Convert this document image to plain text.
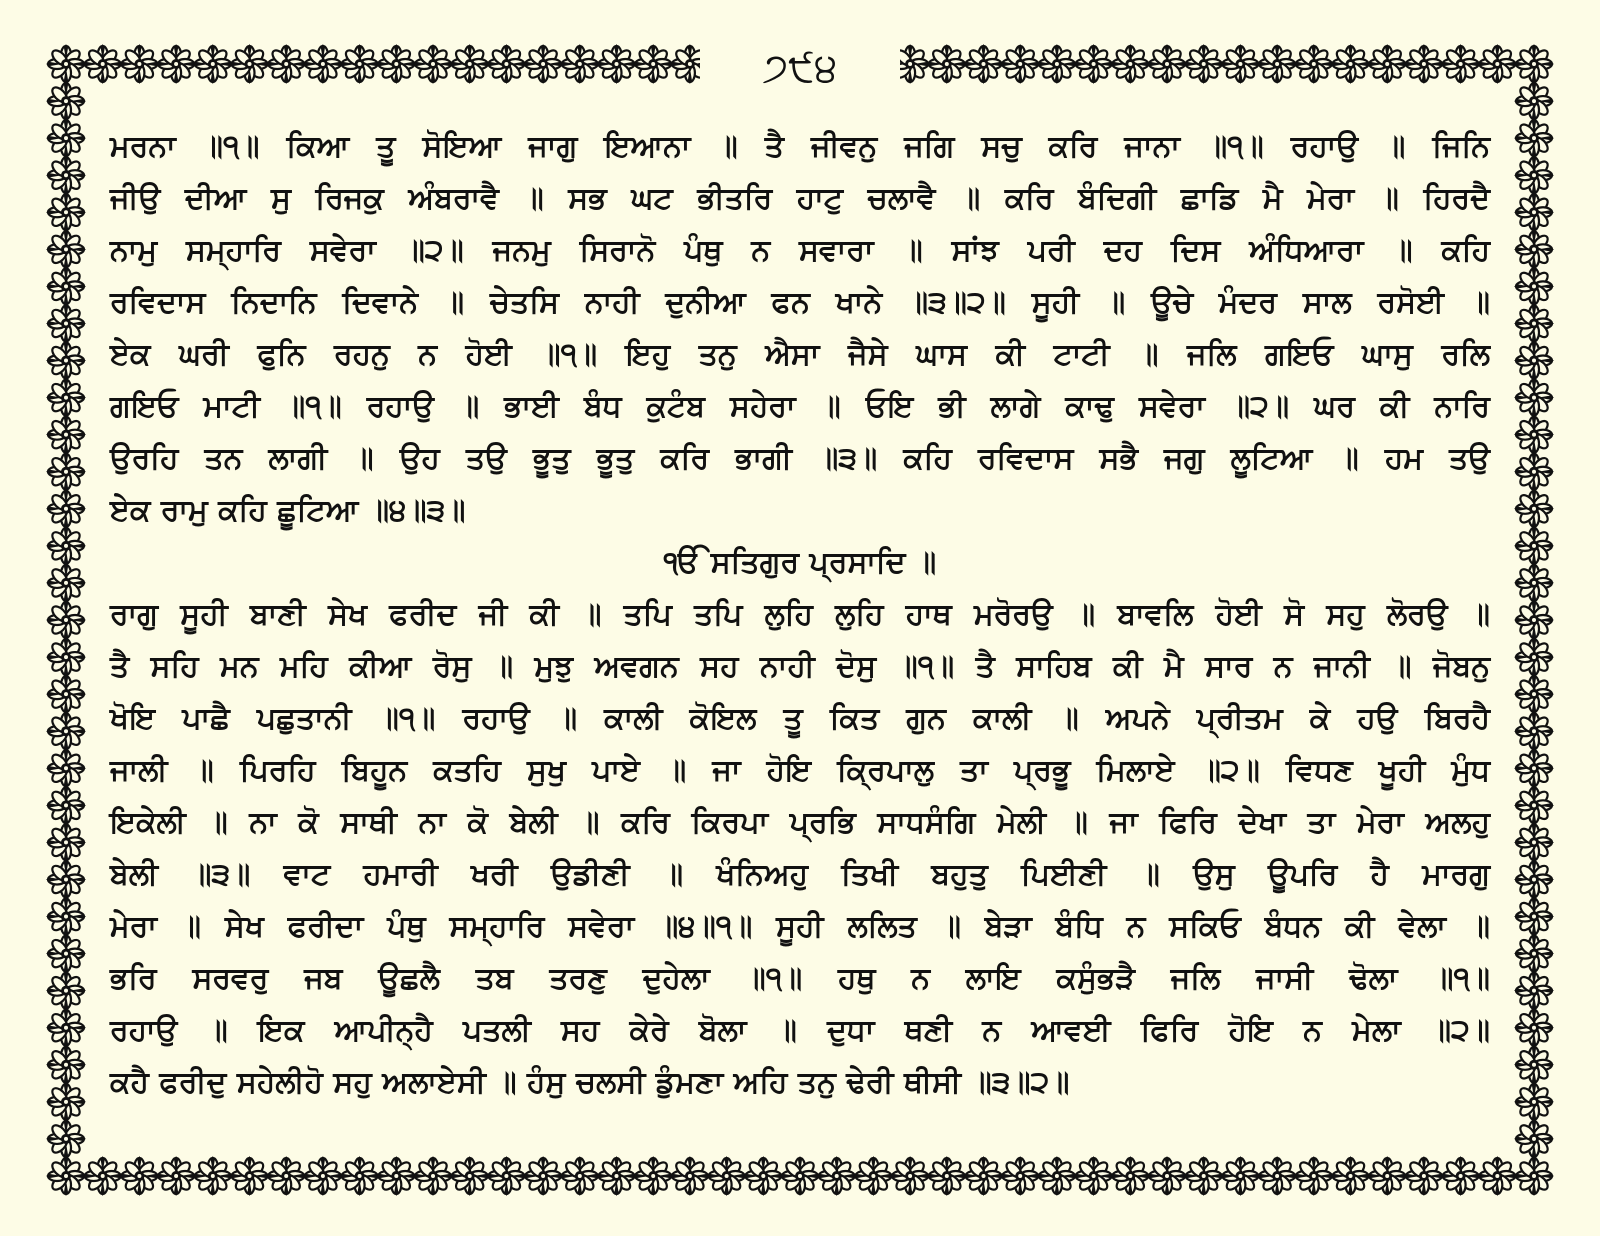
੭੯੪
ਮਰਨਾ ॥੧॥ ਕਿਆ ਤੂ ਸੋਇਆ ਜਾਗੁ ਇਆਨਾ ॥ ਤੈ ਜੀਵਨੁ ਜਗਿ ਸਚੁ ਕਰਿ ਜਾਨਾ ॥੧॥ ਰਹਾਉ ॥ ਜਿਨਿ
ਜੀਉ ਦੀਆ ਸੁ ਰਿਜਕੁ ਅੰਬਰਾਵੈ ॥ ਸਭ ਘਟ ਭੀਤਰਿ ਹਾਟੁ ਚਲਾਵੈ ॥ ਕਰਿ ਬੰਦਿਗੀ ਛਾਡਿ ਮੈ ਮੇਰਾ ॥ ਹਿਰਦੈ
ਨਾਮੁ ਸਮ੍ਹਾਰਿ ਸਵੇਰਾ ॥੨॥ ਜਨਮੁ ਸਿਰਾਨੋ ਪੰਥੁ ਨ ਸਵਾਰਾ ॥ ਸਾਂਝ ਪਰੀ ਦਹ ਦਿਸ ਅੰਧਿਆਰਾ ॥ ਕਹਿ
ਰਵਿਦਾਸ ਨਿਦਾਨਿ ਦਿਵਾਨੇ ॥ ਚੇਤਸਿ ਨਾਹੀ ਦੁਨੀਆ ਫਨ ਖਾਨੇ ॥੩॥੨॥ ਸੂਹੀ ॥ ਊਚੇ ਮੰਦਰ ਸਾਲ ਰਸੋਈ ॥
ਏਕ ਘਰੀ ਫੁਨਿ ਰਹਨੁ ਨ ਹੋਈ ॥੧॥ ਇਹੁ ਤਨੁ ਐਸਾ ਜੈਸੇ ਘਾਸ ਕੀ ਟਾਟੀ ॥ ਜਲਿ ਗਇਓ ਘਾਸੁ ਰਲਿ
ਗਇਓ ਮਾਟੀ ॥੧॥ ਰਹਾਉ ॥ ਭਾਈ ਬੰਧ ਕੁਟੰਬ ਸਹੇਰਾ ॥ ਓਇ ਭੀ ਲਾਗੇ ਕਾਢੁ ਸਵੇਰਾ ॥੨॥ ਘਰ ਕੀ ਨਾਰਿ
ਉਰਹਿ ਤਨ ਲਾਗੀ ॥ ਉਹ ਤਉ ਭੂਤੁ ਭੂਤੁ ਕਰਿ ਭਾਗੀ ॥੩॥ ਕਹਿ ਰਵਿਦਾਸ ਸਭੈ ਜਗੁ ਲੂਟਿਆ ॥ ਹਮ ਤਉ
ਏਕ ਰਾਮੁ ਕਹਿ ਛੂਟਿਆ ॥੪॥੩॥
ੴ ਸਤਿਗੁਰ ਪ੍ਰਸਾਦਿ ॥
ਰਾਗੁ ਸੂਹੀ ਬਾਣੀ ਸੇਖ ਫਰੀਦ ਜੀ ਕੀ ॥ ਤਪਿ ਤਪਿ ਲੁਹਿ ਲੁਹਿ ਹਾਥ ਮਰੋਰਉ ॥ ਬਾਵਲਿ ਹੋਈ ਸੋ ਸਹੁ ਲੋਰਉ ॥
ਤੈ ਸਹਿ ਮਨ ਮਹਿ ਕੀਆ ਰੋਸੁ ॥ ਮੁਝੁ ਅਵਗਨ ਸਹ ਨਾਹੀ ਦੋਸੁ ॥੧॥ ਤੈ ਸਾਹਿਬ ਕੀ ਮੈ ਸਾਰ ਨ ਜਾਨੀ ॥ ਜੋਬਨੁ
ਖੋਇ ਪਾਛੈ ਪਛੁਤਾਨੀ ॥੧॥ ਰਹਾਉ ॥ ਕਾਲੀ ਕੋਇਲ ਤੂ ਕਿਤ ਗੁਨ ਕਾਲੀ ॥ ਅਪਨੇ ਪ੍ਰੀਤਮ ਕੇ ਹਉ ਬਿਰਹੈ
ਜਾਲੀ ॥ ਪਿਰਹਿ ਬਿਹੂਨ ਕਤਹਿ ਸੁਖੁ ਪਾਏ ॥ ਜਾ ਹੋਇ ਕ੍ਰਿਪਾਲੁ ਤਾ ਪ੍ਰਭੂ ਮਿਲਾਏ ॥੨॥ ਵਿਧਣ ਖੂਹੀ ਮੁੰਧ
ਇਕੇਲੀ ॥ ਨਾ ਕੋ ਸਾਥੀ ਨਾ ਕੋ ਬੇਲੀ ॥ ਕਰਿ ਕਿਰਪਾ ਪ੍ਰਭਿ ਸਾਧਸੰਗਿ ਮੇਲੀ ॥ ਜਾ ਫਿਰਿ ਦੇਖਾ ਤਾ ਮੇਰਾ ਅਲਹੁ
ਬੇਲੀ ॥੩॥ ਵਾਟ ਹਮਾਰੀ ਖਰੀ ਉਡੀਣੀ ॥ ਖੰਨਿਅਹੁ ਤਿਖੀ ਬਹੁਤੁ ਪਿਈਣੀ ॥ ਉਸੁ ਊਪਰਿ ਹੈ ਮਾਰਗੁ
ਮੇਰਾ ॥ ਸੇਖ ਫਰੀਦਾ ਪੰਥੁ ਸਮ੍ਹਾਰਿ ਸਵੇਰਾ ॥੪॥੧॥ ਸੂਹੀ ਲਲਿਤ ॥ ਬੇੜਾ ਬੰਧਿ ਨ ਸਕਿਓ ਬੰਧਨ ਕੀ ਵੇਲਾ ॥
ਭਰਿ ਸਰਵਰੁ ਜਬ ਊਛਲੈ ਤਬ ਤਰਣੁ ਦੁਹੇਲਾ ॥੧॥ ਹਥੁ ਨ ਲਾਇ ਕਸੁੰਭੜੈ ਜਲਿ ਜਾਸੀ ਢੋਲਾ ॥੧॥
ਰਹਾਉ ॥ ਇਕ ਆਪੀਨ੍ਹੈ ਪਤਲੀ ਸਹ ਕੇਰੇ ਬੋਲਾ ॥ ਦੁਧਾ ਥਣੀ ਨ ਆਵਈ ਫਿਰਿ ਹੋਇ ਨ ਮੇਲਾ ॥੨॥
ਕਹੈ ਫਰੀਦੁ ਸਹੇਲੀਹੋ ਸਹੁ ਅਲਾਏਸੀ ॥ ਹੰਸੁ ਚਲਸੀ ਡੁੰਮਣਾ ਅਹਿ ਤਨੁ ਢੇਰੀ ਥੀਸੀ ॥੩॥੨॥
